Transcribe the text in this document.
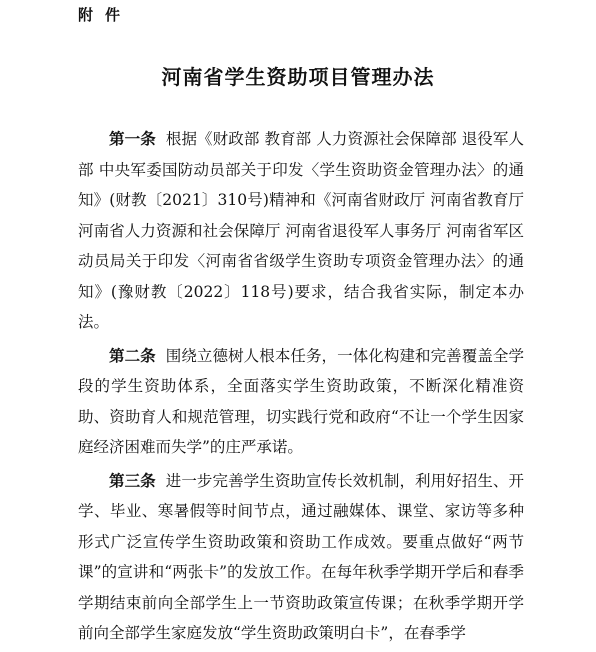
附件
河南省学生资助项目管理办法

第一条 根据《财政部 教育部 人力资源社会保障部 退役军人部 中央军委国防动员部关于印发〈学生资助资金管理办法〉的通知》(财教〔2021〕310号)精神和《河南省财政厅 河南省教育厅 河南省人力资源和社会保障厅 河南省退役军人事务厅 河南省军区动员局关于印发〈河南省省级学生资助专项资金管理办法〉的通知》(豫财教〔2022〕118号)要求，结合我省实际，制定本办法。

第二条 围绕立德树人根本任务，一体化构建和完善覆盖全学段的学生资助体系，全面落实学生资助政策，不断深化精准资助、资助育人和规范管理，切实践行党和政府“不让一个学生因家庭经济困难而失学”的庄严承诺。

第三条 进一步完善学生资助宣传长效机制，利用好招生、开学、毕业、寒暑假等时间节点，通过融媒体、课堂、家访等多种形式广泛宣传学生资助政策和资助工作成效。要重点做好“两节课”的宣讲和“两张卡”的发放工作。在每年秋季学期开学后和春季学期结束前向全部学生上一节资助政策宣传课；在秋季学期开学前向全部学生家庭发放“学生资助政策明白卡”，在春季学
